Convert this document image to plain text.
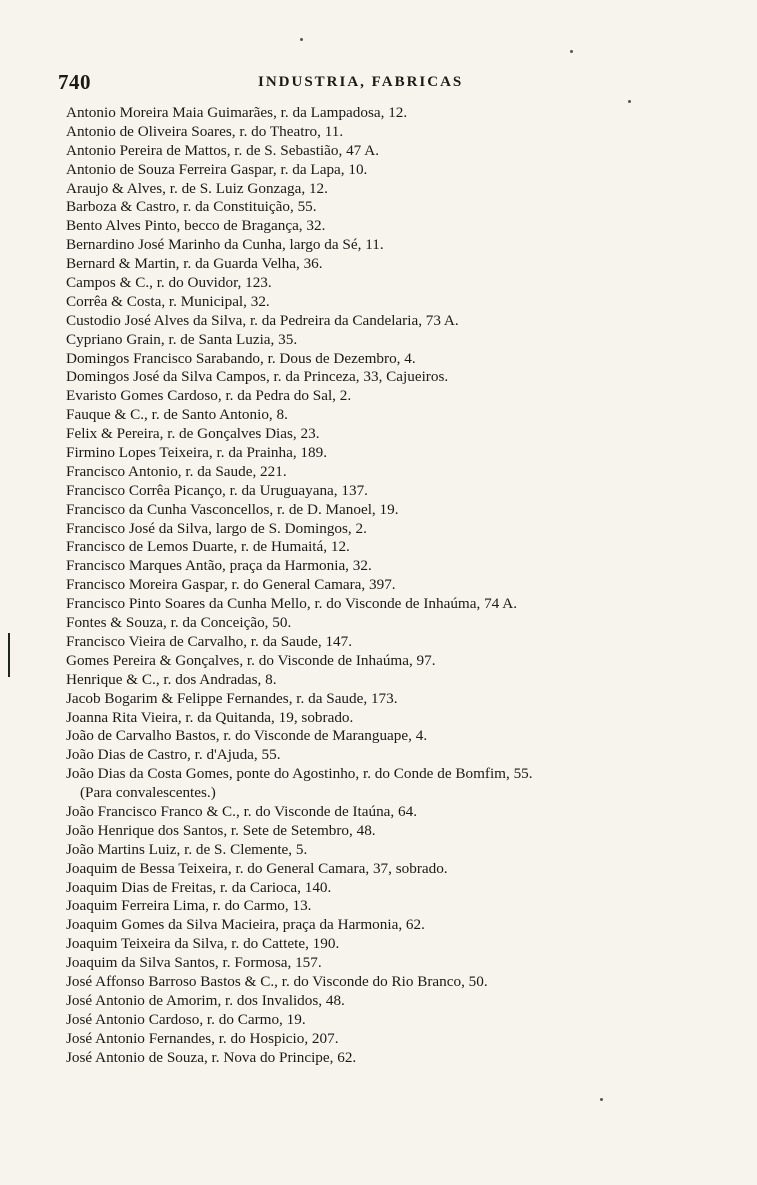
740	INDUSTRIA, FABRICAS
Antonio Moreira Maia Guimarães, r. da Lampadosa, 12.
Antonio de Oliveira Soares, r. do Theatro, 11.
Antonio Pereira de Mattos, r. de S. Sebastião, 47 A.
Antonio de Souza Ferreira Gaspar, r. da Lapa, 10.
Araujo & Alves, r. de S. Luiz Gonzaga, 12.
Barboza & Castro, r. da Constituição, 55.
Bento Alves Pinto, becco de Bragança, 32.
Bernardino José Marinho da Cunha, largo da Sé, 11.
Bernard & Martin, r. da Guarda Velha, 36.
Campos & C., r. do Ouvidor, 123.
Corrêa & Costa, r. Municipal, 32.
Custodio José Alves da Silva, r. da Pedreira da Candelaria, 73 A.
Cypriano Grain, r. de Santa Luzia, 35.
Domingos Francisco Sarabando, r. Dous de Dezembro, 4.
Domingos José da Silva Campos, r. da Princeza, 33, Cajueiros.
Evaristo Gomes Cardoso, r. da Pedra do Sal, 2.
Fauque & C., r. de Santo Antonio, 8.
Felix & Pereira, r. de Gonçalves Dias, 23.
Firmino Lopes Teixeira, r. da Prainha, 189.
Francisco Antonio, r. da Saude, 221.
Francisco Corrêa Picanço, r. da Uruguayana, 137.
Francisco da Cunha Vasconcellos, r. de D. Manoel, 19.
Francisco José da Silva, largo de S. Domingos, 2.
Francisco de Lemos Duarte, r. de Humaitá, 12.
Francisco Marques Antão, praça da Harmonia, 32.
Francisco Moreira Gaspar, r. do General Camara, 397.
Francisco Pinto Soares da Cunha Mello, r. do Visconde de Inhaúma, 74 A.
Fontes & Souza, r. da Conceição, 50.
Francisco Vieira de Carvalho, r. da Saude, 147.
Gomes Pereira & Gonçalves, r. do Visconde de Inhaúma, 97.
Henrique & C., r. dos Andradas, 8.
Jacob Bogarim & Felippe Fernandes, r. da Saude, 173.
Joanna Rita Vieira, r. da Quitanda, 19, sobrado.
João de Carvalho Bastos, r. do Visconde de Maranguape, 4.
João Dias de Castro, r. d'Ajuda, 55.
João Dias da Costa Gomes, ponte do Agostinho, r. do Conde de Bomfim, 55.
(Para convalescentes.)
João Francisco Franco & C., r. do Visconde de Itaúna, 64.
João Henrique dos Santos, r. Sete de Setembro, 48.
João Martins Luiz, r. de S. Clemente, 5.
Joaquim de Bessa Teixeira, r. do General Camara, 37, sobrado.
Joaquim Dias de Freitas, r. da Carioca, 140.
Joaquim Ferreira Lima, r. do Carmo, 13.
Joaquim Gomes da Silva Macieira, praça da Harmonia, 62.
Joaquim Teixeira da Silva, r. do Cattete, 190.
Joaquim da Silva Santos, r. Formosa, 157.
José Affonso Barroso Bastos & C., r. do Visconde do Rio Branco, 50.
José Antonio de Amorim, r. dos Invalidos, 48.
José Antonio Cardoso, r. do Carmo, 19.
José Antonio Fernandes, r. do Hospicio, 207.
José Antonio de Souza, r. Nova do Principe, 62.
